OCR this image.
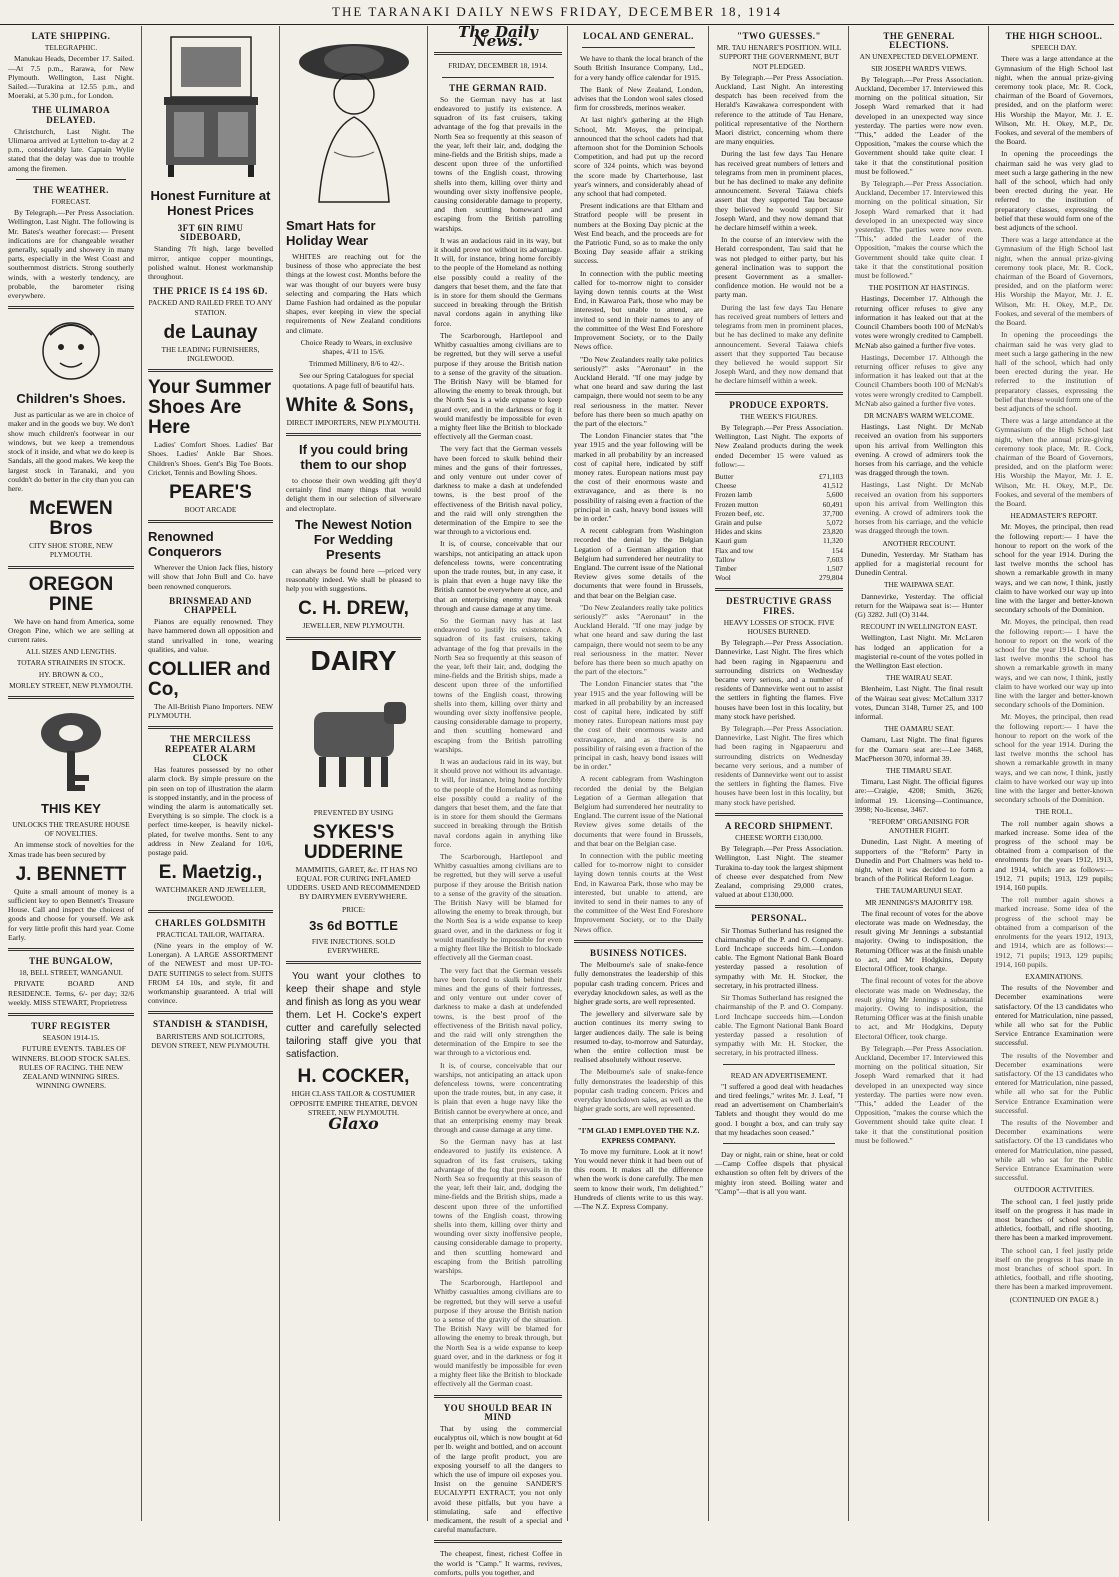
THE TARANAKI DAILY NEWS FRIDAY, DECEMBER 18, 1914
LATE SHIPPING.
TELEGRAPHIC.

Manukau Heads, December 17. Sailed.—At 7.5 p.m., Rarawa, for New Plymouth. Wellington, Last Night. Sailed.—Turakina at 12.55 p.m., and Moeraki, at 5.30 p.m., for London.

THE ULIMAROA DELAYED.

Christchurch, Last Night. The Ulimaroa arrived at Lyttelton to-day at 2 p.m., considerably late. Captain Wylie stated that the delay was due to trouble among the firemen.

THE WEATHER.
FORECAST.

By Telegraph.—Per Press Association. Wellington, Last Night. The following is Mr. Bates's weather forecast:— Present indications are for changeable weather generally, squally and showery in many parts, especially in the West Coast and southernmost districts. Strong southerly winds, with a westerly tendency, are probable, the barometer rising everywhere.

Children's Shoes.

Just as particular as we are in choice of maker and in the goods we buy. We don't show much children's footwear in our windows, but we keep a tremendous stock of it inside, and what we do keep is Sandals, all the good makes. We keep the largest stock in Taranaki, and you couldn't do better in the city than you can here.

McEWEN Bros
CITY SHOE STORE, NEW PLYMOUTH.
OREGON PINE

We have on hand from America, some Oregon Pine, which we are selling at current rates.

ALL SIZES AND LENGTHS.
TOTARA STRAINERS IN STOCK.
HY. BROWN & CO.,
MORLEY STREET, NEW PLYMOUTH.
THIS KEY
UNLOCKS THE TREASURE HOUSE OF NOVELTIES.

An immense stock of novelties for the Xmas trade has been secured by

J. BENNETT

Quite a small amount of money is a sufficient key to open Bennett's Treasure House. Call and inspect the choicest of goods and choose for yourself. We ask for very little profit this hard year. Come Early.

THE BUNGALOW,
18, BELL STREET, WANGANUI.

PRIVATE BOARD AND RESIDENCE. Terms, 6/- per day; 32/6 weekly. MISS STEWART, Proprietress

TURF REGISTER
SEASON 1914-15.

FUTURE EVENTS. TABLES OF WINNERS. BLOOD STOCK SALES. RULES OF RACING. THE NEW ZEALAND WINNING SIRES. WINNING OWNERS.

Honest Furniture at Honest Prices
3FT 6IN RIMU SIDEBOARD,

Standing 7ft high, large bevelled mirror, antique copper mountings, polished walnut. Honest workmanship throughout.

THE PRICE IS £4 19S 6D.
PACKED AND RAILED FREE TO ANY STATION.
de Launay
THE LEADING FURNISHERS, INGLEWOOD.
Your Summer Shoes Are Here

Ladies' Comfort Shoes. Ladies' Bar Shoes. Ladies' Ankle Bar Shoes. Children's Shoes. Gent's Big Toe Boots. Cricket, Tennis and Bowling Shoes.

PEARE'S
BOOT ARCADE
Renowned Conquerors

Wherever the Union Jack flies, history will show that John Bull and Co. have been renowned conquerors.

BRINSMEAD AND CHAPPELL

Pianos are equally renowned. They have hammered down all opposition and stand unrivalled in tone, wearing qualities, and value.

COLLIER and Co,

The All-British Piano Importers. NEW PLYMOUTH.

THE MERCILESS REPEATER ALARM CLOCK

Has features possessed by no other alarm clock. By simple pressure on the pin seen on top of illustration the alarm is stopped instantly, and in the process of winding the alarm is automatically set. Everything is so simple. The clock is a perfect time-keeper, is heavily nickel-plated, for twelve months. Sent to any address in New Zealand for 10/6, postage paid.

E. Maetzig.,
WATCHMAKER AND JEWELLER, INGLEWOOD.
CHARLES GOLDSMITH
PRACTICAL TAILOR, WAITARA.

(Nine years in the employ of W. Lonergan). A LARGE ASSORTMENT of the NEWEST and most UP-TO-DATE SUITINGS to select from. SUITS FROM £4 10s, and style, fit and workmanship guaranteed. A trial will convince.

STANDISH & STANDISH,
BARRISTERS AND SOLICITORS, DEVON STREET, NEW PLYMOUTH.
Smart Hats for Holiday Wear

WHITES are reaching out for the business of those who appreciate the best things at the lowest cost. Months before the war was thought of our buyers were busy selecting and comparing the Hats which Dame Fashion had ordained as the popular shapes, ever keeping in view the special requirements of New Zealand conditions and climate.

Choice Ready to Wears, in exclusive shapes, 4/11 to 15/6.

Trimmed Millinery, 8/6 to 42/-.

See our Spring Catalogues for special quotations. A page full of beautiful hats.

White & Sons,
DIRECT IMPORTERS, NEW PLYMOUTH.
If you could bring them to our shop

to choose their own wedding gift they'd certainly find many things that would delight them in our selection of silverware and electroplate.

The Newest Notion For Wedding Presents

can always be found here —priced very reasonably indeed. We shall be pleased to help you with suggestions.

C. H. DREW,
JEWELLER, NEW PLYMOUTH.
DAIRY
PREVENTED BY USING
SYKES'S UDDERINE

MAMMITIS, GARET, &c. IT HAS NO EQUAL FOR CURING INFLAMED UDDERS. USED AND RECOMMENDED BY DAIRYMEN EVERYWHERE.

PRICE:
3s 6d BOTTLE
FIVE INJECTIONS. SOLD EVERYWHERE.

You want your clothes to keep their shape and style and finish as long as you wear them. Let H. Cocke's expert cutter and carefully selected tailoring staff give you that satisfaction.

H. COCKER,
HIGH CLASS TAILOR & COSTUMIER OPPOSITE EMPIRE THEATRE, DEVON STREET, NEW PLYMOUTH.
Glaxo
The Daily News.
FRIDAY, DECEMBER 18, 1914.
THE GERMAN RAID.

So the German navy has at last endeavored to justify its existence. A squadron of its fast cruisers, taking advantage of the fog that prevails in the North Sea so frequently at this season of the year, left their lair, and, dodging the mine-fields and the British ships, made a descent upon three of the unfortified towns of the English coast, throwing shells into them, killing over thirty and wounding over sixty inoffensive people, causing considerable damage to property, and then scuttling homeward and escaping from the British patrolling warships.

It was an audacious raid in its way, but it should prove not without its advantage. It will, for instance, bring home forcibly to the people of the Homeland as nothing else possibly could a reality of the dangers that beset them, and the fate that is in store for them should the Germans succeed in breaking through the British naval cordons again in anything like force.

The Scarborough, Hartlepool and Whitby casualties among civilians are to be regretted, but they will serve a useful purpose if they arouse the British nation to a sense of the gravity of the situation. The British Navy will be blamed for allowing the enemy to break through, but the North Sea is a wide expanse to keep guard over, and in the darkness or fog it would manifestly be impossible for even a mighty fleet like the British to blockade effectively all the German coast.

The very fact that the German vessels have been forced to skulk behind their mines and the guns of their fortresses, and only venture out under cover of darkness to make a dash at undefended towns, is the best proof of the effectiveness of the British naval policy, and the raid will only strengthen the determination of the Empire to see the war through to a victorious end.

It is, of course, conceivable that our warships, not anticipating an attack upon defenceless towns, were concentrating upon the trade routes, but, in any case, it is plain that even a huge navy like the British cannot be everywhere at once, and that an enterprising enemy may break through and cause damage at any time.

So the German navy has at last endeavored to justify its existence. A squadron of its fast cruisers, taking advantage of the fog that prevails in the North Sea so frequently at this season of the year, left their lair, and, dodging the mine-fields and the British ships, made a descent upon three of the unfortified towns of the English coast, throwing shells into them, killing over thirty and wounding over sixty inoffensive people, causing considerable damage to property, and then scuttling homeward and escaping from the British patrolling warships.

It was an audacious raid in its way, but it should prove not without its advantage. It will, for instance, bring home forcibly to the people of the Homeland as nothing else possibly could a reality of the dangers that beset them, and the fate that is in store for them should the Germans succeed in breaking through the British naval cordons again in anything like force.

The Scarborough, Hartlepool and Whitby casualties among civilians are to be regretted, but they will serve a useful purpose if they arouse the British nation to a sense of the gravity of the situation. The British Navy will be blamed for allowing the enemy to break through, but the North Sea is a wide expanse to keep guard over, and in the darkness or fog it would manifestly be impossible for even a mighty fleet like the British to blockade effectively all the German coast.

The very fact that the German vessels have been forced to skulk behind their mines and the guns of their fortresses, and only venture out under cover of darkness to make a dash at undefended towns, is the best proof of the effectiveness of the British naval policy, and the raid will only strengthen the determination of the Empire to see the war through to a victorious end.

It is, of course, conceivable that our warships, not anticipating an attack upon defenceless towns, were concentrating upon the trade routes, but, in any case, it is plain that even a huge navy like the British cannot be everywhere at once, and that an enterprising enemy may break through and cause damage at any time.

So the German navy has at last endeavored to justify its existence. A squadron of its fast cruisers, taking advantage of the fog that prevails in the North Sea so frequently at this season of the year, left their lair, and, dodging the mine-fields and the British ships, made a descent upon three of the unfortified towns of the English coast, throwing shells into them, killing over thirty and wounding over sixty inoffensive people, causing considerable damage to property, and then scuttling homeward and escaping from the British patrolling warships.

The Scarborough, Hartlepool and Whitby casualties among civilians are to be regretted, but they will serve a useful purpose if they arouse the British nation to a sense of the gravity of the situation. The British Navy will be blamed for allowing the enemy to break through, but the North Sea is a wide expanse to keep guard over, and in the darkness or fog it would manifestly be impossible for even a mighty fleet like the British to blockade effectively all the German coast.

YOU SHOULD BEAR IN MIND

That by using the commercial eucalyptus oil, which is now bought at 6d per lb. weight and bottled, and on account of the large profit product, you are exposing yourself to all the dangers to which the use of impure oil exposes you. Insist on the genuine SANDER'S EUCALYPTI EXTRACT, you not only avoid these pitfalls, but you have a stimulating, safe and effective medicament, the result of a special and careful manufacture.

The cheapest, finest, richest Coffee in the world is "Camp." It warms, revives, comforts, pulls you together, and

LOCAL AND GENERAL.

We have to thank the local branch of the South British Insurance Company, Ltd., for a very handy office calendar for 1915.

The Bank of New Zealand, London, advises that the London wool sales closed firm for crossbreds, merinos weaker.

At last night's gathering at the High School, Mr. Moyes, the principal, announced that the school cadets had that afternoon shot for the Dominion Schools Competition, and had put up the record score of 324 points, which was beyond the score made by Charterhouse, last year's winners, and considerably ahead of any school that had competed.

Present indications are that Eltham and Stratford people will be present in numbers at the Boxing Day picnic at the West End beach, and the proceeds are for the Patriotic Fund, so as to make the only Boxing Day seaside affair a striking success.

In connection with the public meeting called for to-morrow night to consider laying down tennis courts at the West End, in Kawaroa Park, those who may be interested, but unable to attend, are invited to send in their names to any of the committee of the West End Foreshore Improvement Society, or to the Daily News office.

"Do New Zealanders really take politics seriously?" asks "Aeronaut" in the Auckland Herald. "If one may judge by what one heard and saw during the last campaign, there would not seem to be any real seriousness in the matter. Never before has there been so much apathy on the part of the electors."

The London Financier states that "the year 1915 and the year following will be marked in all probability by an increased cost of capital here, indicated by stiff money rates. European nations must pay the cost of their enormous waste and extravagance, and as there is no possibility of raising even a fraction of the principal in cash, heavy bond issues will be in order."

A recent cablegram from Washington recorded the denial by the Belgian Legation of a German allegation that Belgium had surrendered her neutrality to England. The current issue of the National Review gives some details of the documents that were found in Brussels, and that bear on the Belgian case.

"Do New Zealanders really take politics seriously?" asks "Aeronaut" in the Auckland Herald. "If one may judge by what one heard and saw during the last campaign, there would not seem to be any real seriousness in the matter. Never before has there been so much apathy on the part of the electors."

The London Financier states that "the year 1915 and the year following will be marked in all probability by an increased cost of capital here, indicated by stiff money rates. European nations must pay the cost of their enormous waste and extravagance, and as there is no possibility of raising even a fraction of the principal in cash, heavy bond issues will be in order."

A recent cablegram from Washington recorded the denial by the Belgian Legation of a German allegation that Belgium had surrendered her neutrality to England. The current issue of the National Review gives some details of the documents that were found in Brussels, and that bear on the Belgian case.

In connection with the public meeting called for to-morrow night to consider laying down tennis courts at the West End, in Kawaroa Park, those who may be interested, but unable to attend, are invited to send in their names to any of the committee of the West End Foreshore Improvement Society, or to the Daily News office.

BUSINESS NOTICES.

The Melbourne's sale of snake-fence fully demonstrates the leadership of this popular cash trading concern. Prices and everyday knockdown sales, as well as the higher grade sorts, are well represented.

The jewellery and silverware sale by auction continues its merry swing to larger audiences daily. The sale is being resumed to-day, to-morrow and Saturday, when the entire collection must be realised absolutely without reserve.

The Melbourne's sale of snake-fence fully demonstrates the leadership of this popular cash trading concern. Prices and everyday knockdown sales, as well as the higher grade sorts, are well represented.

"I'M GLAD I EMPLOYED THE N.Z. EXPRESS COMPANY.

To move my furniture. Look at it now! You would never think it had been out of this room. It makes all the difference when the work is done carefully. The men seem to know their work, I'm delighted." Hundreds of clients write to us this way.—The N.Z. Express Company.

"TWO GUESSES."
MR. TAU HENARE'S POSITION. WILL SUPPORT THE GOVERNMENT, BUT NOT PLEDGED.

By Telegraph.—Per Press Association. Auckland, Last Night. An interesting despatch has been received from the Herald's Kawakawa correspondent with reference to the attitude of Tau Henare, political representative of the Northern Maori district, concerning whom there are many enquiries.

During the last few days Tau Henare has received great numbers of letters and telegrams from men in prominent places, but he has declined to make any definite announcement. Several Taiawa chiefs assert that they supported Tau because they believed he would support Sir Joseph Ward, and they now demand that he declare himself within a week.

In the course of an interview with the Herald correspondent, Tau said that he was not pledged to either party, but his general inclination was to support the present Government as a smaller-confidence motion. He would not be a party man.

During the last few days Tau Henare has received great numbers of letters and telegrams from men in prominent places, but he has declined to make any definite announcement. Several Taiawa chiefs assert that they supported Tau because they believed he would support Sir Joseph Ward, and they now demand that he declare himself within a week.

PRODUCE EXPORTS.
THE WEEK'S FIGURES.

By Telegraph.—Per Press Association. Wellington, Last Night. The exports of New Zealand products during the week ended December 15 were valued as follow:—

Butter	£71,103
Cheese	41,512
Frozen lamb	5,600
Frozen mutton	60,491
Frozen beef, etc.	37,700
Grain and pulse	5,072
Hides and skins	23,820
Kauri gum	11,320
Flax and tow	154
Tallow	7,603
Timber	1,507
Wool	279,804
DESTRUCTIVE GRASS FIRES.
HEAVY LOSSES OF STOCK. FIVE HOUSES BURNED.

By Telegraph.—Per Press Association. Dannevirke, Last Night. The fires which had been raging in Ngapaeruru and surrounding districts on Wednesday became very serious, and a number of residents of Dannevirke went out to assist the settlers in fighting the flames. Five houses have been lost in this locality, but many stock have perished.

By Telegraph.—Per Press Association. Dannevirke, Last Night. The fires which had been raging in Ngapaeruru and surrounding districts on Wednesday became very serious, and a number of residents of Dannevirke went out to assist the settlers in fighting the flames. Five houses have been lost in this locality, but many stock have perished.

A RECORD SHIPMENT.
CHEESE WORTH £130,000.

By Telegraph.—Per Press Association. Wellington, Last Night. The steamer Turakina to-day took the largest shipment of cheese ever despatched from New Zealand, comprising 29,000 crates, valued at about £130,000.

PERSONAL.

Sir Thomas Sutherland has resigned the chairmanship of the P. and O. Company. Lord Inchcape succeeds him.—London cable. The Egmont National Bank Board yesterday passed a resolution of sympathy with Mr. H. Stocker, the secretary, in his protracted illness.

Sir Thomas Sutherland has resigned the chairmanship of the P. and O. Company. Lord Inchcape succeeds him.—London cable. The Egmont National Bank Board yesterday passed a resolution of sympathy with Mr. H. Stocker, the secretary, in his protracted illness.

READ AN ADVERTISEMENT.

"I suffered a good deal with headaches and tired feelings," writes Mr. J. Leaf, "I read an advertisement on Chamberlain's Tablets and thought they would do me good. I bought a box, and can truly say that my headaches soon ceased."

Day or night, rain or shine, heat or cold—Camp Coffee dispels that physical exhaustion so often felt by drivers of the mighty iron steed. Boiling water and "Camp"—that is all you want.

THE GENERAL ELECTIONS.
AN UNEXPECTED DEVELOPMENT.
SIR JOSEPH WARD'S VIEWS.

By Telegraph.—Per Press Association. Auckland, December 17. Interviewed this morning on the political situation, Sir Joseph Ward remarked that it had developed in an unexpected way since yesterday. The parties were now even. "This," added the Leader of the Opposition, "makes the course which the Government should take quite clear. I take it that the constitutional position must be followed."

By Telegraph.—Per Press Association. Auckland, December 17. Interviewed this morning on the political situation, Sir Joseph Ward remarked that it had developed in an unexpected way since yesterday. The parties were now even. "This," added the Leader of the Opposition, "makes the course which the Government should take quite clear. I take it that the constitutional position must be followed."

THE POSITION AT HASTINGS.

Hastings, December 17. Although the returning officer refuses to give any information it has leaked out that at the Council Chambers booth 100 of McNab's votes were wrongly credited to Campbell. McNab also gained a further five votes.

Hastings, December 17. Although the returning officer refuses to give any information it has leaked out that at the Council Chambers booth 100 of McNab's votes were wrongly credited to Campbell. McNab also gained a further five votes.

DR MCNAB'S WARM WELCOME.

Hastings, Last Night. Dr McNab received an ovation from his supporters upon his arrival from Wellington this evening. A crowd of admirers took the horses from his carriage, and the vehicle was dragged through the town.

Hastings, Last Night. Dr McNab received an ovation from his supporters upon his arrival from Wellington this evening. A crowd of admirers took the horses from his carriage, and the vehicle was dragged through the town.

ANOTHER RECOUNT.

Dunedin, Yesterday. Mr Statham has applied for a magisterial recount for Dunedin Central.

THE WAIPAWA SEAT.

Dannevirke, Yesterday. The official return for the Waipawa seat is:— Hunter (G) 3282. Jull (O) 3144.

RECOUNT IN WELLINGTON EAST.

Wellington, Last Night. Mr. McLaren has lodged an application for a magisterial re-count of the votes polled in the Wellington East election.

THE WAIRAU SEAT.

Blenheim, Last Night. The final result of the Wairau seat gives: McCallum 3317 votes, Duncan 3148, Turner 25, and 100 informal.

THE OAMARU SEAT.

Oamaru, Last Night. The final figures for the Oamaru seat are:—Lee 3468, MacPherson 3070, informal 39.

THE TIMARU SEAT.

Timaru, Last Night. The official figures are:—Craigie, 4208; Smith, 3626; informal 19. Licensing—Continuance, 3998; No-license, 3467.

"REFORM" ORGANISING FOR ANOTHER FIGHT.

Dunedin, Last Night. A meeting of supporters of the "Reform" Party in Dunedin and Port Chalmers was held to-night, when it was decided to form a branch of the Political Reform League.

THE TAUMARUNUI SEAT.
MR JENNINGS'S MAJORITY 198.

The final recount of votes for the above electorate was made on Wednesday, the result giving Mr Jennings a substantial majority. Owing to indisposition, the Returning Officer was at the finish unable to act, and Mr Hodgkins, Deputy Electoral Officer, took charge.

The final recount of votes for the above electorate was made on Wednesday, the result giving Mr Jennings a substantial majority. Owing to indisposition, the Returning Officer was at the finish unable to act, and Mr Hodgkins, Deputy Electoral Officer, took charge.

By Telegraph.—Per Press Association. Auckland, December 17. Interviewed this morning on the political situation, Sir Joseph Ward remarked that it had developed in an unexpected way since yesterday. The parties were now even. "This," added the Leader of the Opposition, "makes the course which the Government should take quite clear. I take it that the constitutional position must be followed."

THE HIGH SCHOOL.
SPEECH DAY.

There was a large attendance at the Gymnasium of the High School last night, when the annual prize-giving ceremony took place, Mr. R. Cock, chairman of the Board of Governors, presided, and on the platform were: His Worship the Mayor, Mr. J. E. Wilson, Mr. H. Okey, M.P., Dr. Fookes, and several of the members of the Board.

In opening the proceedings the chairman said he was very glad to meet such a large gathering in the new hall of the school, which had only been erected during the year. He referred to the institution of preparatory classes, expressing the belief that these would form one of the best adjuncts of the school.

There was a large attendance at the Gymnasium of the High School last night, when the annual prize-giving ceremony took place, Mr. R. Cock, chairman of the Board of Governors, presided, and on the platform were: His Worship the Mayor, Mr. J. E. Wilson, Mr. H. Okey, M.P., Dr. Fookes, and several of the members of the Board.

In opening the proceedings the chairman said he was very glad to meet such a large gathering in the new hall of the school, which had only been erected during the year. He referred to the institution of preparatory classes, expressing the belief that these would form one of the best adjuncts of the school.

There was a large attendance at the Gymnasium of the High School last night, when the annual prize-giving ceremony took place, Mr. R. Cock, chairman of the Board of Governors, presided, and on the platform were: His Worship the Mayor, Mr. J. E. Wilson, Mr. H. Okey, M.P., Dr. Fookes, and several of the members of the Board.

HEADMASTER'S REPORT.

Mr. Moyes, the principal, then read the following report:— I have the honour to report on the work of the school for the year 1914. During the last twelve months the school has shown a remarkable growth in many ways, and we can now, I think, justly claim to have worked our way up into line with the larger and better-known secondary schools of the Dominion.

Mr. Moyes, the principal, then read the following report:— I have the honour to report on the work of the school for the year 1914. During the last twelve months the school has shown a remarkable growth in many ways, and we can now, I think, justly claim to have worked our way up into line with the larger and better-known secondary schools of the Dominion.

Mr. Moyes, the principal, then read the following report:— I have the honour to report on the work of the school for the year 1914. During the last twelve months the school has shown a remarkable growth in many ways, and we can now, I think, justly claim to have worked our way up into line with the larger and better-known secondary schools of the Dominion.

THE ROLL.

The roll number again shows a marked increase. Some idea of the progress of the school may be obtained from a comparison of the enrolments for the years 1912, 1913, and 1914, which are as follows:—1912, 71 pupils; 1913, 129 pupils; 1914, 160 pupils.

The roll number again shows a marked increase. Some idea of the progress of the school may be obtained from a comparison of the enrolments for the years 1912, 1913, and 1914, which are as follows:—1912, 71 pupils; 1913, 129 pupils; 1914, 160 pupils.

EXAMINATIONS.

The results of the November and December examinations were satisfactory. Of the 13 candidates who entered for Matriculation, nine passed, while all who sat for the Public Service Entrance Examination were successful.

The results of the November and December examinations were satisfactory. Of the 13 candidates who entered for Matriculation, nine passed, while all who sat for the Public Service Entrance Examination were successful.

The results of the November and December examinations were satisfactory. Of the 13 candidates who entered for Matriculation, nine passed, while all who sat for the Public Service Entrance Examination were successful.

OUTDOOR ACTIVITIES.

The school can, I feel justly pride itself on the progress it has made in most branches of school sport. In athletics, football, and rifle shooting, there has been a marked improvement.

The school can, I feel justly pride itself on the progress it has made in most branches of school sport. In athletics, football, and rifle shooting, there has been a marked improvement.

(CONTINUED ON PAGE 8.)
